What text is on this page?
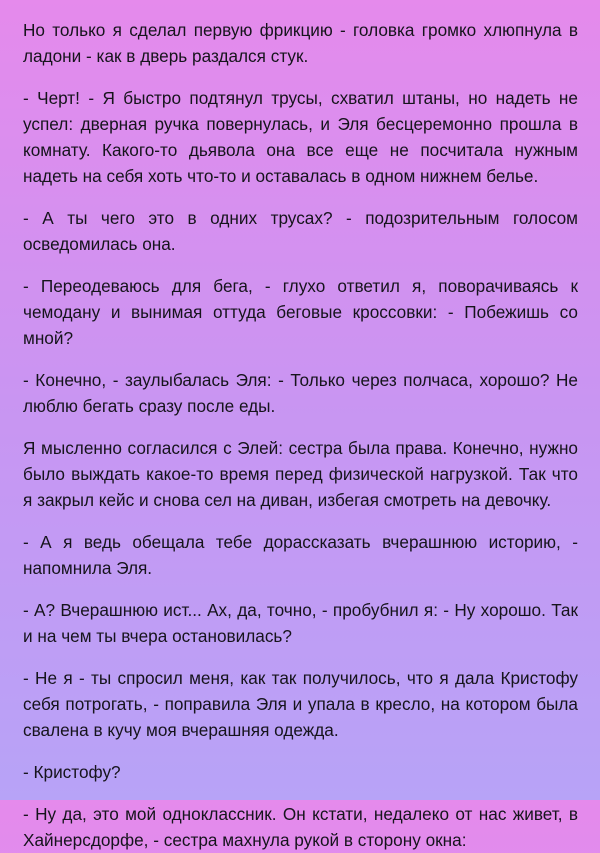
Но только я сделал первую фрикцию - головка громко хлюпнула в ладони - как в дверь раздался стук.

- Черт! - Я быстро подтянул трусы, схватил штаны, но надеть не успел: дверная ручка повернулась, и Эля бесцеремонно прошла в комнату. Какого-то дьявола она все еще не посчитала нужным надеть на себя хоть что-то и оставалась в одном нижнем белье.

- А ты чего это в одних трусах? - подозрительным голосом осведомилась она.

- Переодеваюсь для бега, - глухо ответил я, поворачиваясь к чемодану и вынимая оттуда беговые кроссовки: - Побежишь со мной?

- Конечно, - заулыбалась Эля: - Только через полчаса, хорошо? Не люблю бегать сразу после еды.

Я мысленно согласился с Элей: сестра была права. Конечно, нужно было выждать какое-то время перед физической нагрузкой. Так что я закрыл кейс и снова сел на диван, избегая смотреть на девочку.

- А я ведь обещала тебе дорассказать вчерашнюю историю, - напомнила Эля.

- А? Вчерашнюю ист... Ах, да, точно, - пробубнил я: - Ну хорошо. Так и на чем ты вчера остановилась?

- Не я - ты спросил меня, как так получилось, что я дала Кристофу себя потрогать, - поправила Эля и упала в кресло, на котором была свалена в кучу моя вчерашняя одежда.

- Кристофу?

- Ну да, это мой одноклассник. Он кстати, недалеко от нас живет, в Хайнерсдорфе, - сестра махнула рукой в сторону окна:
